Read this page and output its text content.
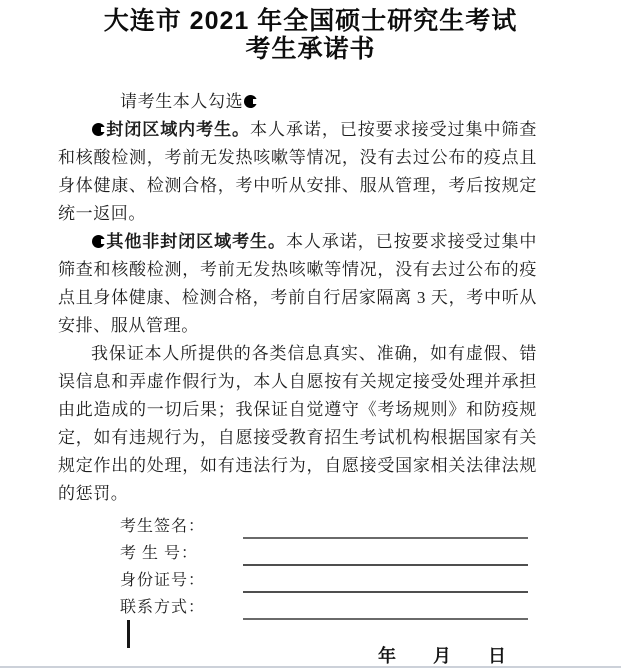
大连市 2021 年全国硕士研究生考试
考生承诺书

请考生本人勾选

封闭区域内考生。本人承诺，已按要求接受过集中筛查和核酸检测，考前无发热咳嗽等情况，没有去过公布的疫点且身体健康、检测合格，考中听从安排、服从管理，考后按规定统一返回。

其他非封闭区域考生。本人承诺，已按要求接受过集中筛查和核酸检测，考前无发热咳嗽等情况，没有去过公布的疫点且身体健康、检测合格，考前自行居家隔离 3 天，考中听从安排、服从管理。

我保证本人所提供的各类信息真实、准确，如有虚假、错误信息和弄虚作假行为，本人自愿按有关规定接受处理并承担由此造成的一切后果；我保证自觉遵守《考场规则》和防疫规定，如有违规行为，自愿接受教育招生考试机构根据国家有关规定作出的处理，如有违法行为，自愿接受国家相关法律法规的惩罚。

考生签名：
考 生 号：
身份证号：
联系方式：
年 月 日
